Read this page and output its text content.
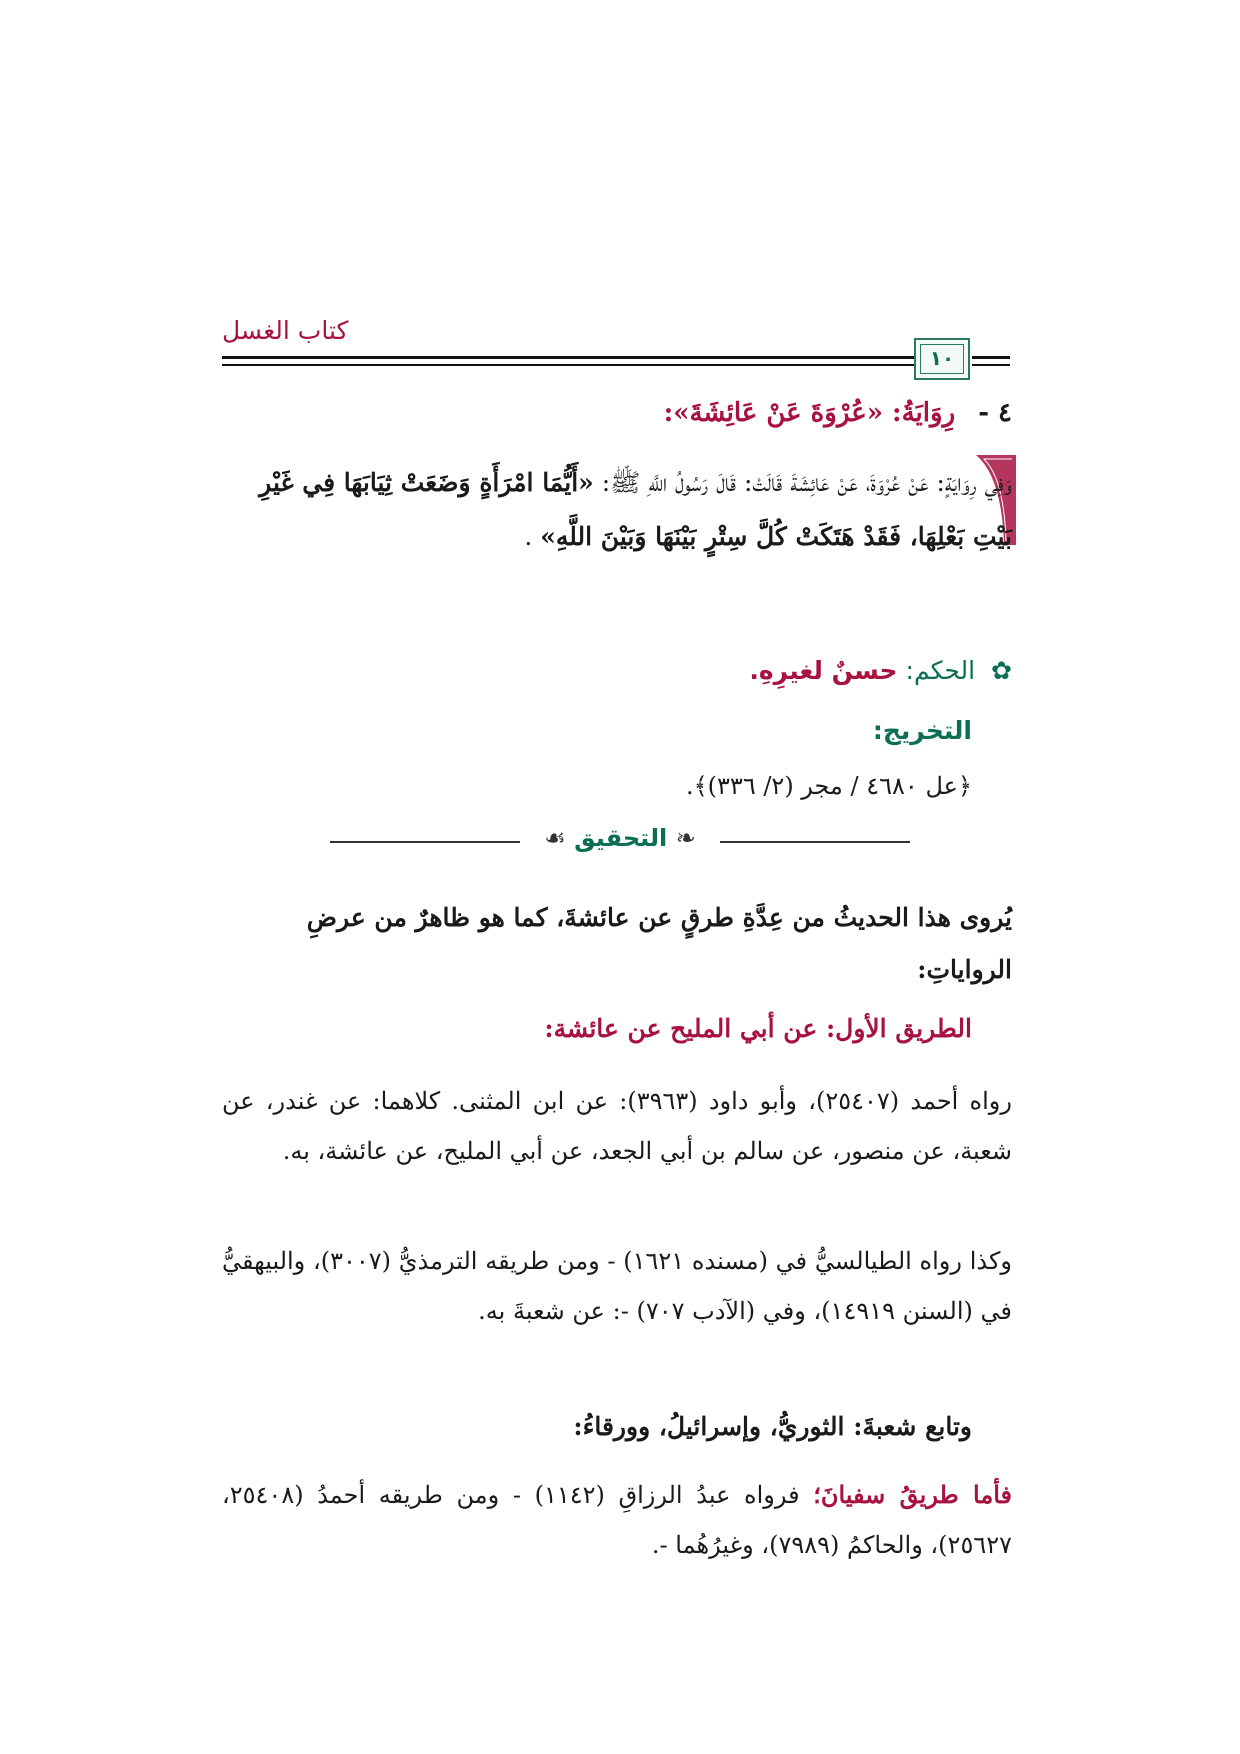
كتاب الغسل
١٠
٤ - رِوَايَةُ: «عُرْوَةَ عَنْ عَائِشَةَ»:
وَفِي رِوَايَةٍ: عَنْ عُرْوَةَ، عَنْ عَائِشَةَ قَالَتْ: قَالَ رَسُولُ اللَّهِ ﷺ: «أَيُّمَا امْرَأَةٍ وَضَعَتْ ثِيَابَهَا فِي غَيْرِ بَيْتِ بَعْلِهَا، فَقَدْ هَتَكَتْ كُلَّ سِتْرٍ بَيْنَهَا وَبَيْنَ اللَّهِ» .
✿ الحكم: حسنٌ لغيرِهِ.
التخريج:
﴿عل ٤٦٨٠ / مجر (٢/ ٣٣٦)﴾.
❧ التحقيق ☙
يُروى هذا الحديثُ من عِدَّةِ طرقٍ عن عائشةَ، كما هو ظاهرٌ من عرضِ الرواياتِ:
الطريق الأول: عن أبي المليح عن عائشة:
رواه أحمد (٢٥٤٠٧)، وأبو داود (٣٩٦٣): عن ابن المثنى. كلاهما: عن غندر، عن شعبة، عن منصور، عن سالم بن أبي الجعد، عن أبي المليح، عن عائشة، به.
وكذا رواه الطيالسيُّ في (مسنده ١٦٢١) - ومن طريقه الترمذيُّ (٣٠٠٧)، والبيهقيُّ في (السنن ١٤٩١٩)، وفي (الآدب ٧٠٧) -: عن شعبةَ به.
وتابع شعبةَ: الثوريُّ، وإسرائيلُ، وورقاءُ:
فأما طريقُ سفيانَ؛ فرواه عبدُ الرزاقِ (١١٤٢) - ومن طريقه أحمدُ (٢٥٤٠٨، ٢٥٦٢٧)، والحاكمُ (٧٩٨٩)، وغيرُهُما -.
